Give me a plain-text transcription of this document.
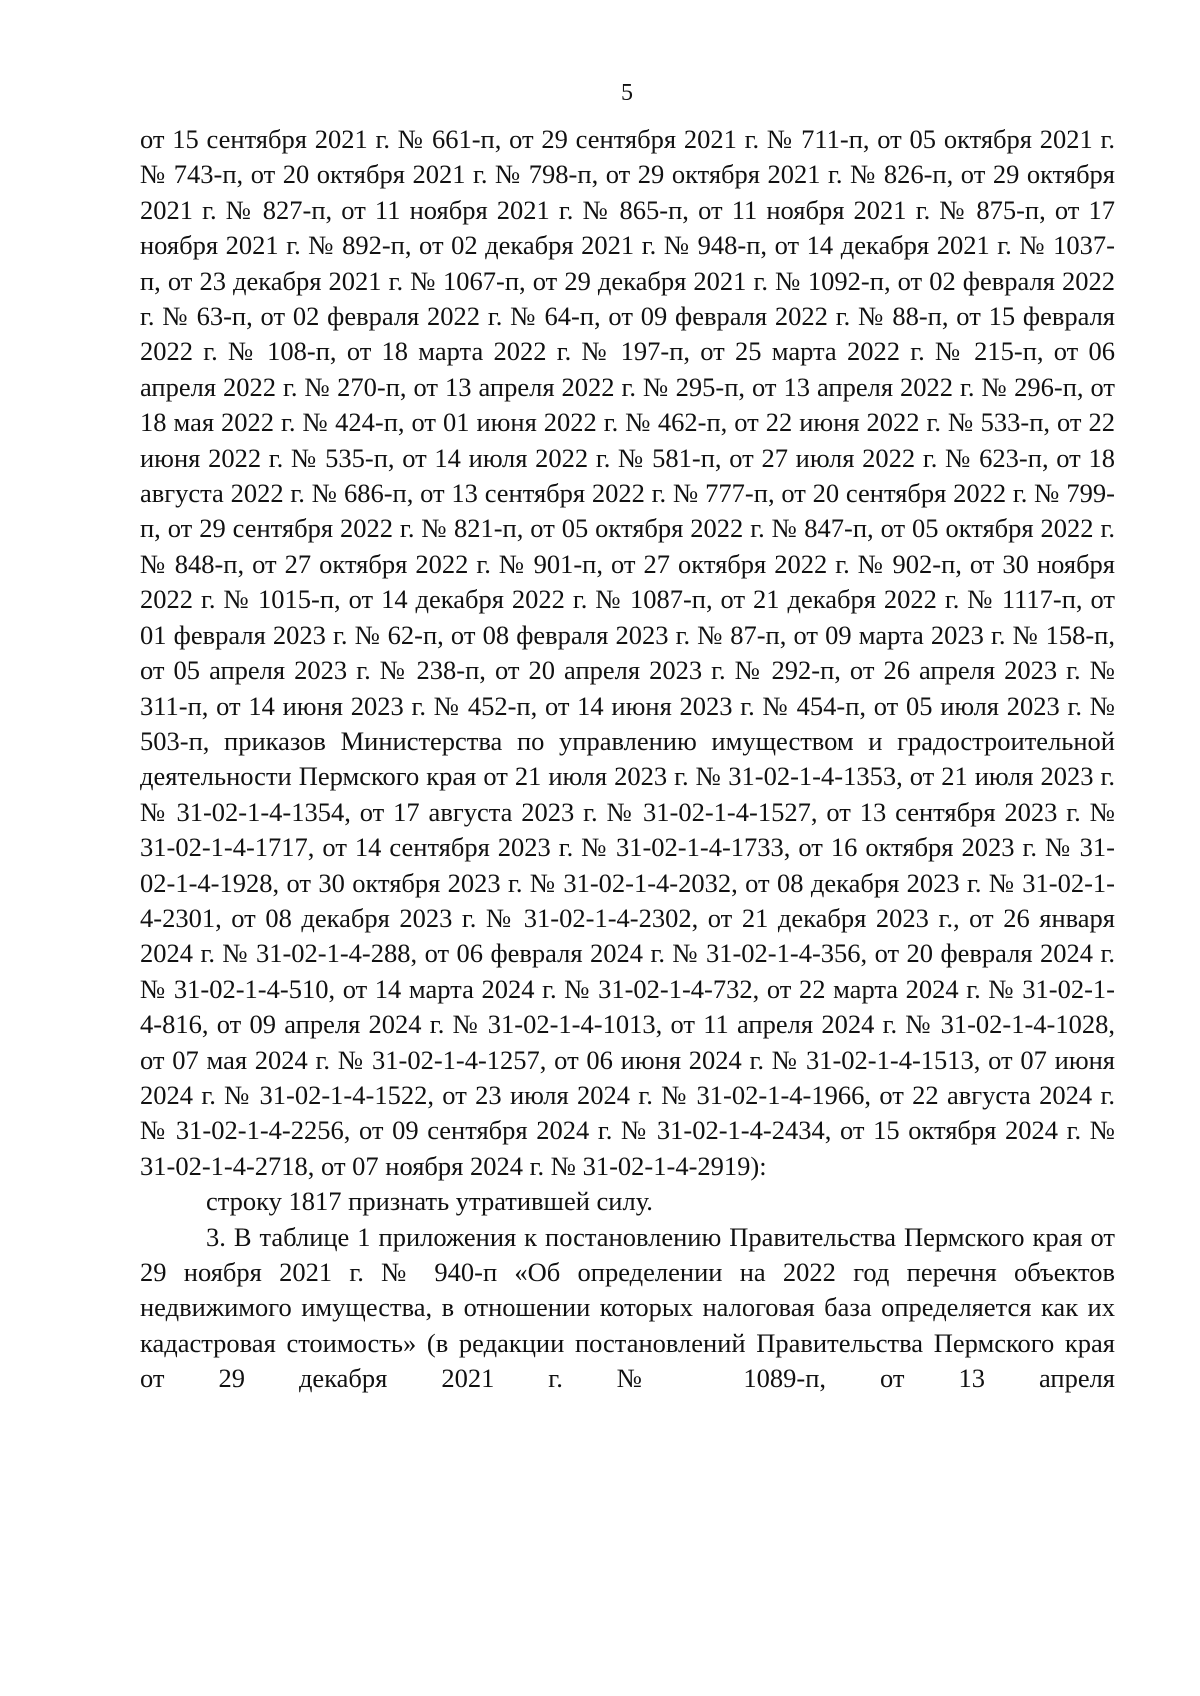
5

от 15 сентября 2021 г. № 661-п, от 29 сентября 2021 г. № 711-п, от 05 октября 2021 г. № 743-п, от 20 октября 2021 г. № 798-п, от 29 октября 2021 г. № 826-п, от 29 октября 2021 г. № 827-п, от 11 ноября 2021 г. № 865-п, от 11 ноября 2021 г. № 875-п, от 17 ноября 2021 г. № 892-п, от 02 декабря 2021 г. № 948-п, от 14 декабря 2021 г. № 1037-п, от 23 декабря 2021 г. № 1067-п, от 29 декабря 2021 г. № 1092-п, от 02 февраля 2022 г. № 63-п, от 02 февраля 2022 г. № 64-п, от 09 февраля 2022 г. № 88-п, от 15 февраля 2022 г. № 108-п, от 18 марта 2022 г. № 197-п, от 25 марта 2022 г. № 215-п, от 06 апреля 2022 г. № 270-п, от 13 апреля 2022 г. № 295-п, от 13 апреля 2022 г. № 296-п, от 18 мая 2022 г. № 424-п, от 01 июня 2022 г. № 462-п, от 22 июня 2022 г. № 533-п, от 22 июня 2022 г. № 535-п, от 14 июля 2022 г. № 581-п, от 27 июля 2022 г. № 623-п, от 18 августа 2022 г. № 686-п, от 13 сентября 2022 г. № 777-п, от 20 сентября 2022 г. № 799-п, от 29 сентября 2022 г. № 821-п, от 05 октября 2022 г. № 847-п, от 05 октября 2022 г. № 848-п, от 27 октября 2022 г. № 901-п, от 27 октября 2022 г. № 902-п, от 30 ноября 2022 г. № 1015-п, от 14 декабря 2022 г. № 1087-п, от 21 декабря 2022 г. № 1117-п, от 01 февраля 2023 г. № 62-п, от 08 февраля 2023 г. № 87-п, от 09 марта 2023 г. № 158-п, от 05 апреля 2023 г. № 238-п, от 20 апреля 2023 г. № 292-п, от 26 апреля 2023 г. № 311-п, от 14 июня 2023 г. № 452-п, от 14 июня 2023 г. № 454-п, от 05 июля 2023 г. № 503-п, приказов Министерства по управлению имуществом и градостроительной деятельности Пермского края от 21 июля 2023 г. № 31-02-1-4-1353, от 21 июля 2023 г. № 31-02-1-4-1354, от 17 августа 2023 г. № 31-02-1-4-1527, от 13 сентября 2023 г. № 31-02-1-4-1717, от 14 сентября 2023 г. № 31-02-1-4-1733, от 16 октября 2023 г. № 31-02-1-4-1928, от 30 октября 2023 г. № 31-02-1-4-2032, от 08 декабря 2023 г. № 31-02-1-4-2301, от 08 декабря 2023 г. № 31-02-1-4-2302, от 21 декабря 2023 г., от 26 января 2024 г. № 31-02-1-4-288, от 06 февраля 2024 г. № 31-02-1-4-356, от 20 февраля 2024 г. № 31-02-1-4-510, от 14 марта 2024 г. № 31-02-1-4-732, от 22 марта 2024 г. № 31-02-1-4-816, от 09 апреля 2024 г. № 31-02-1-4-1013, от 11 апреля 2024 г. № 31-02-1-4-1028, от 07 мая 2024 г. № 31-02-1-4-1257, от 06 июня 2024 г. № 31-02-1-4-1513, от 07 июня 2024 г. № 31-02-1-4-1522, от 23 июля 2024 г. № 31-02-1-4-1966, от 22 августа 2024 г. № 31-02-1-4-2256, от 09 сентября 2024 г. № 31-02-1-4-2434, от 15 октября 2024 г. № 31-02-1-4-2718, от 07 ноября 2024 г. № 31-02-1-4-2919):

строку 1817 признать утратившей силу.

3. В таблице 1 приложения к постановлению Правительства Пермского края от 29 ноября 2021 г. № 940-п «Об определении на 2022 год перечня объектов недвижимого имущества, в отношении которых налоговая база определяется как их кадастровая стоимость» (в редакции постановлений Правительства Пермского края от 29 декабря 2021 г. № 1089-п, от 13 апреля
